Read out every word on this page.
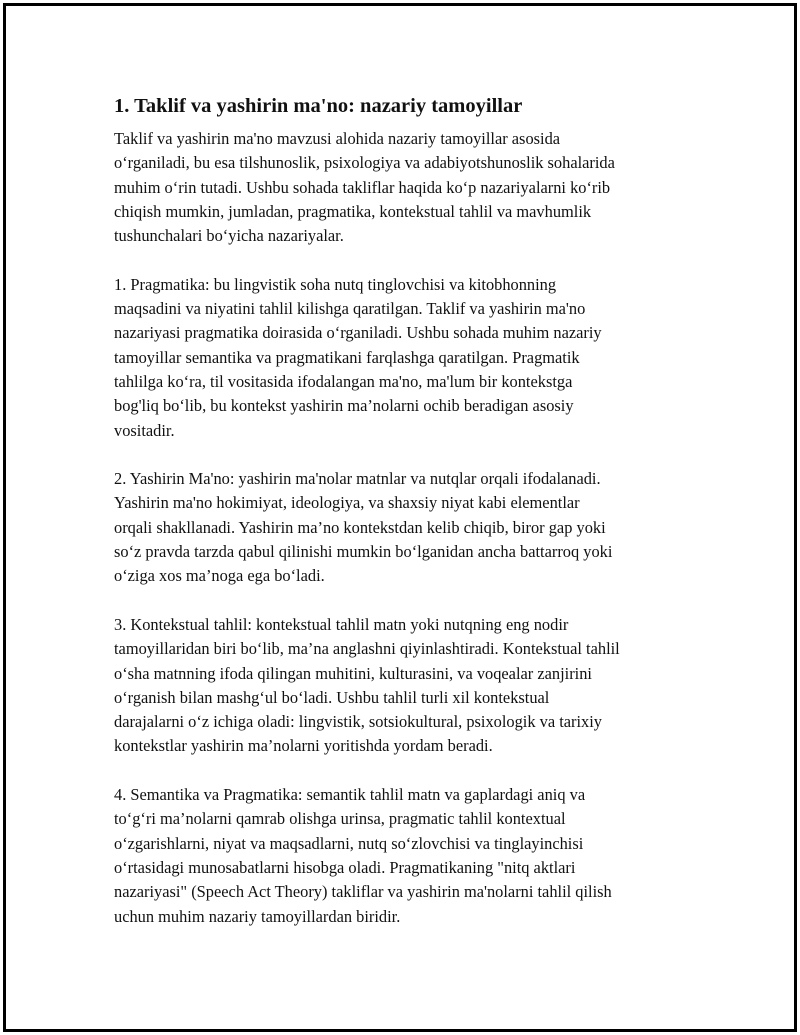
1. Taklif va yashirin ma'no: nazariy tamoyillar

Taklif va yashirin ma'no mavzusi alohida nazariy tamoyillar asosida
o‘rganiladi, bu esa tilshunoslik, psixologiya va adabiyotshunoslik sohalarida
muhim o‘rin tutadi. Ushbu sohada takliflar haqida ko‘p nazariyalarni ko‘rib
chiqish mumkin, jumladan, pragmatika, kontekstual tahlil va mavhumlik
tushunchalari bo‘yicha nazariyalar.

1. Pragmatika: bu lingvistik soha nutq tinglovchisi va kitobhonning
maqsadini va niyatini tahlil kilishga qaratilgan. Taklif va yashirin ma'no
nazariyasi pragmatika doirasida o‘rganiladi. Ushbu sohada muhim nazariy
tamoyillar semantika va pragmatikani farqlashga qaratilgan. Pragmatik
tahlilga ko‘ra, til vositasida ifodalangan ma'no, ma'lum bir kontekstga
bog'liq bo‘lib, bu kontekst yashirin ma’nolarni ochib beradigan asosiy
vositadir.

2. Yashirin Ma'no: yashirin ma'nolar matnlar va nutqlar orqali ifodalanadi.
Yashirin ma'no hokimiyat, ideologiya, va shaxsiy niyat kabi elementlar
orqali shakllanadi. Yashirin ma’no kontekstdan kelib chiqib, biror gap yoki
so‘z pravda tarzda qabul qilinishi mumkin bo‘lganidan ancha battarroq yoki
o‘ziga xos ma’noga ega bo‘ladi.

3. Kontekstual tahlil: kontekstual tahlil matn yoki nutqning eng nodir
tamoyillaridan biri bo‘lib, ma’na anglashni qiyinlashtiradi. Kontekstual tahlil
o‘sha matnning ifoda qilingan muhitini, kulturasini, va voqealar zanjirini
o‘rganish bilan mashg‘ul bo‘ladi. Ushbu tahlil turli xil kontekstual
darajalarni o‘z ichiga oladi: lingvistik, sotsiokultural, psixologik va tarixiy
kontekstlar yashirin ma’nolarni yoritishda yordam beradi.

4. Semantika va Pragmatika: semantik tahlil matn va gaplardagi aniq va
to‘g‘ri ma’nolarni qamrab olishga urinsa, pragmatic tahlil kontextual
o‘zgarishlarni, niyat va maqsadlarni, nutq so‘zlovchisi va tinglayinchisi
o‘rtasidagi munosabatlarni hisobga oladi. Pragmatikaning "nitq aktlari
nazariyasi" (Speech Act Theory) takliflar va yashirin ma'nolarni tahlil qilish
uchun muhim nazariy tamoyillardan biridir.
